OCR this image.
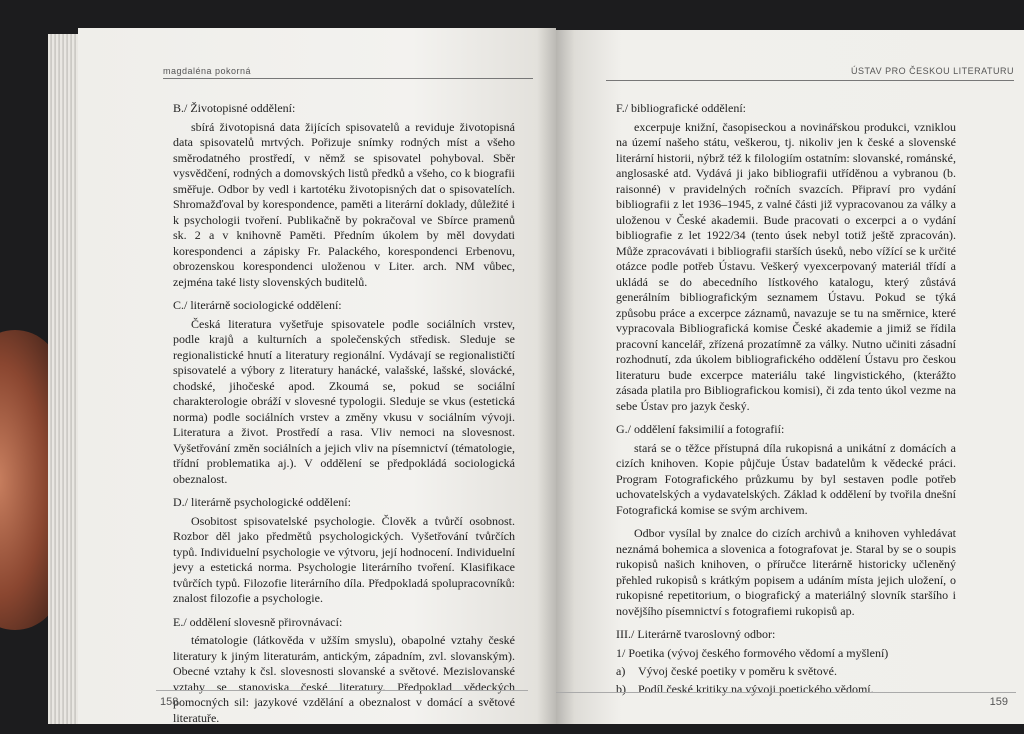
magdaléna pokorná

B./ Životopisné oddělení:

sbírá životopisná data žijících spisovatelů a reviduje životopisná data spisovatelů mrtvých. Pořizuje snímky rodných míst a všeho směrodatného prostředí, v němž se spisovatel pohyboval. Sběr vysvědčení, rodných a domovských listů předků a všeho, co k biografii směřuje. Odbor by vedl i kartotéku životopisných dat o spisovatelích. Shromažďoval by korespondence, paměti a literární doklady, důležité i k psychologii tvoření. Publikačně by pokračoval ve Sbírce pramenů sk. 2 a v knihovně Paměti. Předním úkolem by měl dovydati korespondenci a zápisky Fr. Palackého, korespondenci Erbenovu, obrozenskou korespondenci uloženou v Liter. arch. NM vůbec, zejména také listy slovenských buditelů.

C./ literárně sociologické oddělení:

Česká literatura vyšetřuje spisovatele podle sociálních vrstev, podle krajů a kulturních a společenských středisk. Sleduje se regionalistické hnutí a literatury regionální. Vydávají se regionalističtí spisovatelé a výbory z literatury hanácké, valašské, lašské, slovácké, chodské, jihočeské apod. Zkoumá se, pokud se sociální charakterologie obráží v slovesné typologii. Sleduje se vkus (estetická norma) podle sociálních vrstev a změny vkusu v sociálním vývoji. Literatura a život. Prostředí a rasa. Vliv nemoci na slovesnost. Vyšetřování změn sociálních a jejich vliv na písemnictví (tématologie, třídní problematika aj.). V oddělení se předpokládá sociologická obeznalost.

D./ literárně psychologické oddělení:

Osobitost spisovatelské psychologie. Člověk a tvůrčí osobnost. Rozbor děl jako předmětů psychologických. Vyšetřování tvůrčích typů. Individuelní psychologie ve výtvoru, její hodnocení. Individuelní jevy a estetická norma. Psychologie literárního tvoření. Klasifikace tvůrčích typů. Filozofie literárního díla. Předpokladá spolupracovníků: znalost filozofie a psychologie.

E./ oddělení slovesně přirovnávací:

tématologie (látkověda v užším smyslu), obapolné vztahy české literatury k jiným literaturám, antickým, západním, zvl. slovanským). Obecné vztahy k čsl. slovesnosti slovanské a světové. Mezislovanské vztahy se stanoviska české literatury. Předpoklad vědeckých pomocných sil: jazykové vzdělání a obeznalost v domácí a světové literatuře.

158
ÚSTAV PRO ČESKOU LITERATURU

F./ bibliografické oddělení:

excerpuje knižní, časopiseckou a novinářskou produkci, vzniklou na území našeho státu, veškerou, tj. nikoliv jen k české a slovenské literární historii, nýbrž též k filologiím ostatním: slovanské, románské, anglosaské atd. Vydává ji jako bibliografii utříděnou a vybranou (b. raisonné) v pravidelných ročních svazcích. Připraví pro vydání bibliografii z let 1936–1945, z valné části již vypracovanou za války a uloženou v České akademii. Bude pracovati o excerpci a o vydání bibliografie z let 1922/34 (tento úsek nebyl totiž ještě zpracován). Může zpracovávati i bibliografii starších úseků, nebo vížící se k určité otázce podle potřeb Ústavu. Veškerý vyexcerpovaný materiál třídí a ukládá se do abecedního lístkového katalogu, který zůstává generálním bibliografickým seznamem Ústavu. Pokud se týká způsobu práce a excerpce záznamů, navazuje se tu na směrnice, které vypracovala Bibliografická komise České akademie a jimiž se řídila pracovní kancelář, zřízená prozatímně za války. Nutno učiniti zásadní rozhodnutí, zda úkolem bibliografického oddělení Ústavu pro českou literaturu bude excerpce materiálu také lingvistického, (kterážto zásada platila pro Bibliografickou komisi), či zda tento úkol vezme na sebe Ústav pro jazyk český.

G./ oddělení faksimilií a fotografií:

stará se o těžce přístupná díla rukopisná a unikátní z domácích a cizích knihoven. Kopie půjčuje Ústav badatelům k vědecké práci. Program Fotografického průzkumu by byl sestaven podle potřeb uchovatelských a vydavatelských. Základ k oddělení by tvořila dnešní Fotografická komise se svým archivem.

Odbor vysílal by znalce do cizích archivů a knihoven vyhledávat neznámá bohemica a slovenica a fotografovat je. Staral by se o soupis rukopisů našich knihoven, o příručce literárně historicky učleněný přehled rukopisů s krátkým popisem a udáním místa jejich uložení, o rukopisné repetitorium, o biografický a materiálný slovník staršího i novějšího písemnictví s fotografiemi rukopisů ap.

III./ Literárně tvaroslovný odbor:

1/ Poetika (vývoj českého formového vědomí a myšlení)

a)	Vývoj české poetiky v poměru k světové.
b)	Podíl české kritiky na vývoji poetického vědomí.
159
